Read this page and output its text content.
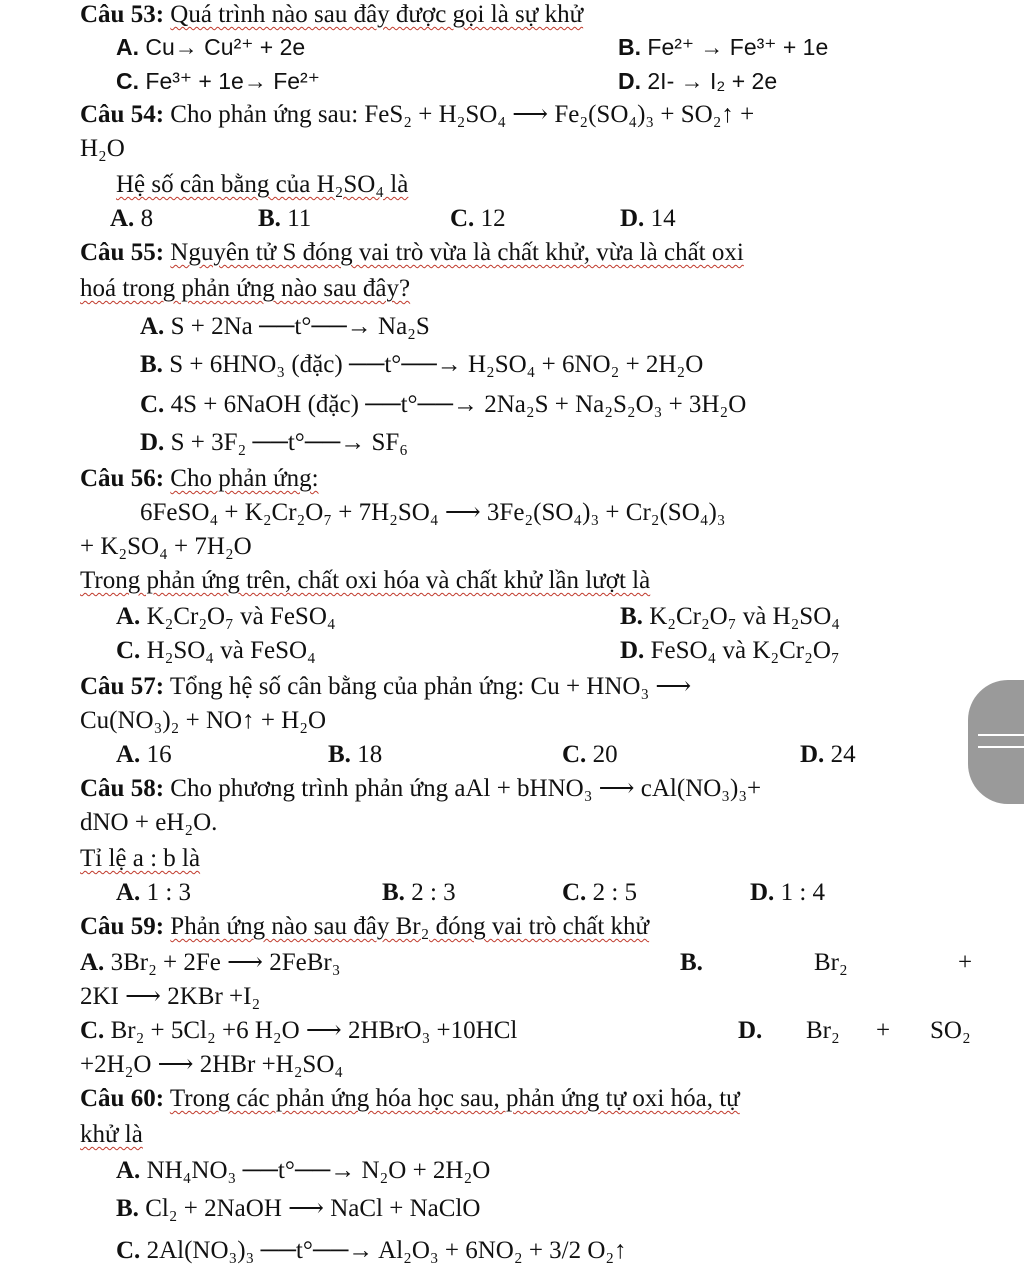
Câu 53: Quá trình nào sau đây được gọi là sự khử
A. Cu→ Cu²⁺ + 2e	B. Fe²⁺ → Fe³⁺ + 1e
C. Fe³⁺ + 1e→ Fe²⁺	D. 2I- → I₂ + 2e
Câu 54: Cho phản ứng sau: FeS₂ + H₂SO₄ ⟶ Fe₂(SO₄)₃ + SO₂↑ +
H₂O
Hệ số cân bằng của H₂SO₄ là
A. 8	B. 11	C. 12	D. 14
Câu 55: Nguyên tử S đóng vai trò vừa là chất khử, vừa là chất oxi
hoá trong phản ứng nào sau đây?
A. S + 2Na ──t°──→ Na₂S
B. S + 6HNO₃ (đặc) ──t°──→ H₂SO₄ + 6NO₂ + 2H₂O
C. 4S + 6NaOH (đặc) ──t°──→ 2Na₂S + Na₂S₂O₃ + 3H₂O
D. S + 3F₂ ──t°──→ SF₆
Câu 56: Cho phản ứng:
6FeSO₄ + K₂Cr₂O₇ + 7H₂SO₄ ⟶ 3Fe₂(SO₄)₃ + Cr₂(SO₄)₃
+ K₂SO₄ + 7H₂O
Trong phản ứng trên, chất oxi hóa và chất khử lần lượt là
A. K₂Cr₂O₇ và FeSO₄	B. K₂Cr₂O₇ và H₂SO₄
C. H₂SO₄ và FeSO₄	D. FeSO₄ và K₂Cr₂O₇
Câu 57: Tổng hệ số cân bằng của phản ứng: Cu + HNO₃ ⟶
Cu(NO₃)₂ + NO↑ + H₂O
A. 16	B. 18	C. 20	D. 24
Câu 58: Cho phương trình phản ứng aAl + bHNO₃ ⟶ cAl(NO₃)₃+
dNO + eH₂O.
Tỉ lệ a : b là
A. 1 : 3	B. 2 : 3	C. 2 : 5	D. 1 : 4
Câu 59: Phản ứng nào sau đây Br₂ đóng vai trò chất khử
A. 3Br₂ + 2Fe ⟶ 2FeBr₃	B.	Br₂	+
2KI ⟶ 2KBr +I₂
C. Br₂ + 5Cl₂ +6 H₂O ⟶ 2HBrO₃ +10HCl	D. Br₂ + SO₂
+2H₂O ⟶ 2HBr +H₂SO₄
Câu 60: Trong các phản ứng hóa học sau, phản ứng tự oxi hóa, tự
khử là
A. NH₄NO₃ ──t°──→ N₂O + 2H₂O
B. Cl₂ + 2NaOH ⟶ NaCl + NaClO
C. 2Al(NO₃)₃ ──t°──→ Al₂O₃ + 6NO₂ + 3/2 O₂↑
